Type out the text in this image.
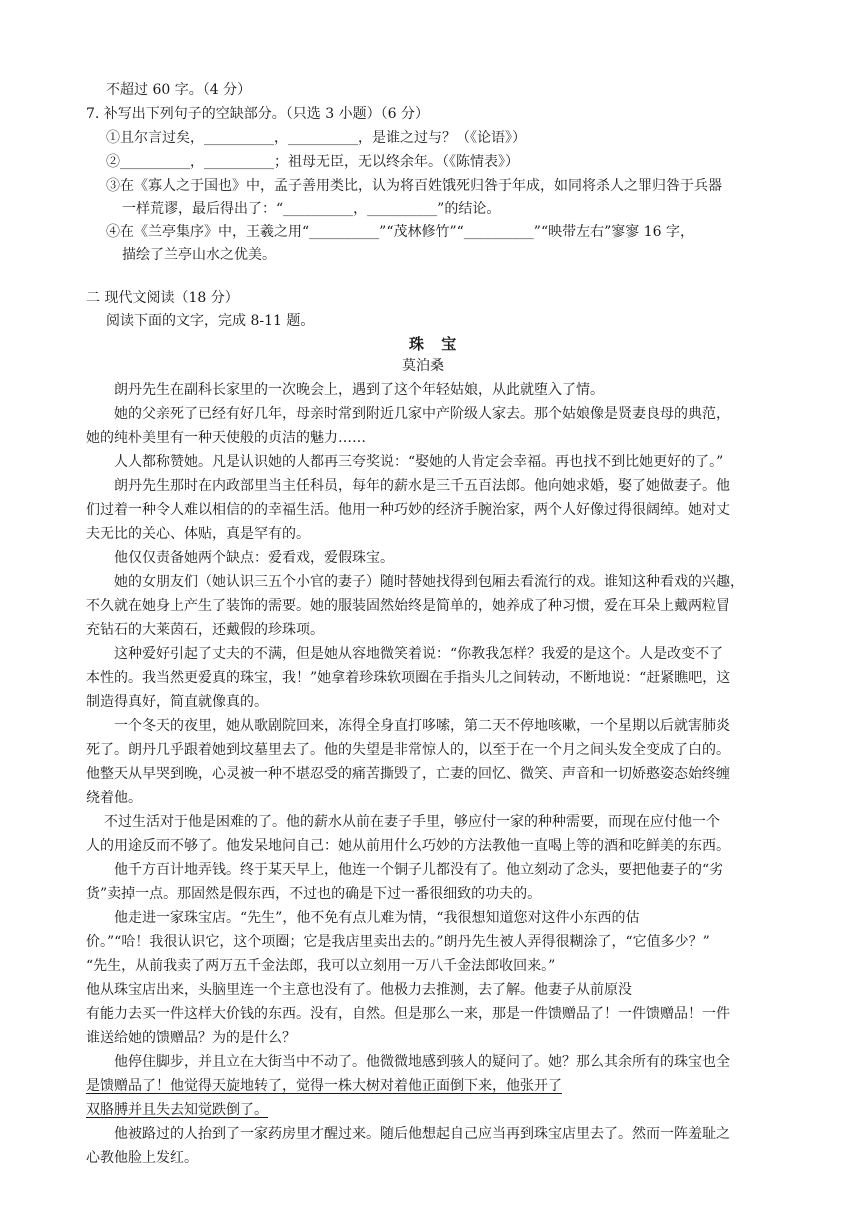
不超过 60 字。（4 分）
7. 补写出下列句子的空缺部分。（只选 3 小题）（6 分）
①且尔言过矣，__________，__________，是谁之过与？（《论语》）
②__________，__________；祖母无臣，无以终余年。（《陈情表》）
③在《寡人之于国也》中，孟子善用类比，认为将百姓饿死归咎于年成，如同将杀人之罪归咎于兵器
一样荒谬，最后得出了：“__________，__________”的结论。
④在《兰亭集序》中，王羲之用“__________”“茂林修竹”“__________”“映带左右”寥寥 16 字，
描绘了兰亭山水之优美。
二 现代文阅读（18 分）
阅读下面的文字，完成 8-11 题。
珠 宝
莫泊桑
朗丹先生在副科长家里的一次晚会上，遇到了这个年轻姑娘，从此就堕入了情。
她的父亲死了已经有好几年，母亲时常到附近几家中产阶级人家去。那个姑娘像是贤妻良母的典范，
她的纯朴美里有一种天使般的贞洁的魅力……
人人都称赞她。凡是认识她的人都再三夸奖说：“娶她的人肯定会幸福。再也找不到比她更好的了。”
朗丹先生那时在内政部里当主任科员，每年的薪水是三千五百法郎。他向她求婚，娶了她做妻子。他
们过着一种令人难以相信的的幸福生活。他用一种巧妙的经济手腕治家，两个人好像过得很阔绰。她对丈
夫无比的关心、体贴，真是罕有的。
他仅仅责备她两个缺点：爱看戏，爱假珠宝。
她的女朋友们（她认识三五个小官的妻子）随时替她找得到包厢去看流行的戏。谁知这种看戏的兴趣，
不久就在她身上产生了装饰的需要。她的服装固然始终是简单的，她养成了种习惯，爱在耳朵上戴两粒冒
充钻石的大莱茵石，还戴假的珍珠项。
这种爱好引起了丈夫的不满，但是她从容地微笑着说：“你教我怎样？我爱的是这个。人是改变不了
本性的。我当然更爱真的珠宝，我！”她拿着珍珠软项圈在手指头儿之间转动，不断地说：“赶紧瞧吧，这
制造得真好，简直就像真的。
一个冬天的夜里，她从歌剧院回来，冻得全身直打哆嗦，第二天不停地咳嗽，一个星期以后就害肺炎
死了。朗丹几乎跟着她到坟墓里去了。他的失望是非常惊人的，以至于在一个月之间头发全变成了白的。
他整天从早哭到晚，心灵被一种不堪忍受的痛苦撕毁了，亡妻的回忆、微笑、声音和一切娇憨姿态始终缠
绕着他。
不过生活对于他是困难的了。他的薪水从前在妻子手里，够应付一家的种种需要，而现在应付他一个
人的用途反而不够了。他发呆地问自己：她从前用什么巧妙的方法教他一直喝上等的酒和吃鲜美的东西。
他千方百计地弄钱。终于某天早上，他连一个铜子儿都没有了。他立刻动了念头，要把他妻子的“劣
货”卖掉一点。那固然是假东西，不过也的确是下过一番很细致的功夫的。
他走进一家珠宝店。“先生”，他不免有点儿难为情，“我很想知道您对这件小东西的估
价。”“哈！我很认识它，这个项圈；它是我店里卖出去的。”朗丹先生被人弄得很糊涂了，“它值多少？”
“先生，从前我卖了两万五千金法郎，我可以立刻用一万八千金法郎收回来。”
他从珠宝店出来，头脑里连一个主意也没有了。他极力去推测，去了解。他妻子从前原没
有能力去买一件这样大价钱的东西。没有，自然。但是那么一来，那是一件馈赠品了！一件馈赠品！一件
谁送给她的馈赠品？为的是什么？
他停住脚步，并且立在大街当中不动了。他微微地感到骇人的疑问了。她？那么其余所有的珠宝也全
是馈赠品了！他觉得天旋地转了，觉得一株大树对着他正面倒下来，他张开了
双胳膊并且失去知觉跌倒了。
他被路过的人抬到了一家药房里才醒过来。随后他想起自己应当再到珠宝店里去了。然而一阵羞耻之
心教他脸上发红。
